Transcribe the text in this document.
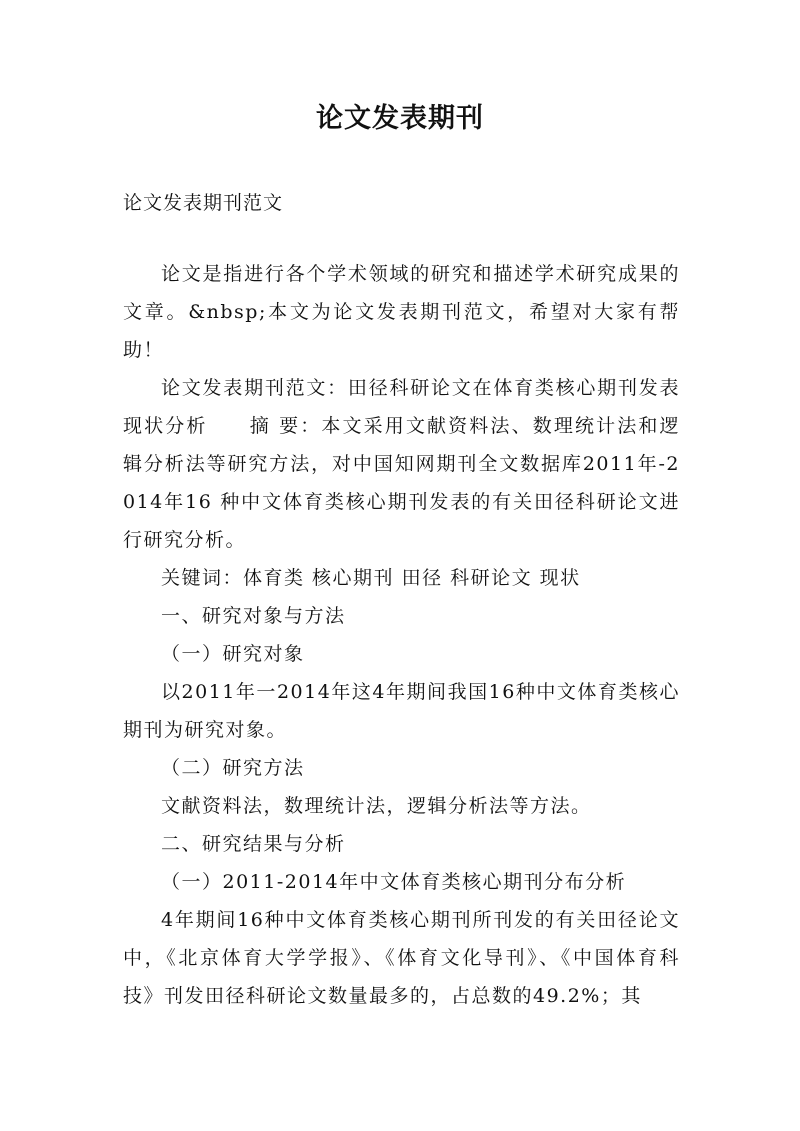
论文发表期刊
论文发表期刊范文

论文是指进行各个学术领域的研究和描述学术研究成果的文章。&nbsp;本文为论文发表期刊范文，希望对大家有帮助！

论文发表期刊范文：田径科研论文在体育类核心期刊发表现状分析　　摘 要：本文采用文献资料法、数理统计法和逻辑分析法等研究方法，对中国知网期刊全文数据库2011年-2014年16 种中文体育类核心期刊发表的有关田径科研论文进行研究分析。

关键词：体育类 核心期刊 田径 科研论文 现状

一、研究对象与方法

（一）研究对象

以2011年一2014年这4年期间我国16种中文体育类核心期刊为研究对象。

（二）研究方法

文献资料法，数理统计法，逻辑分析法等方法。

二、研究结果与分析

（一）2011-2014年中文体育类核心期刊分布分析

4年期间16种中文体育类核心期刊所刊发的有关田径论文中，《北京体育大学学报》、《体育文化导刊》、《中国体育科技》刊发田径科研论文数量最多的，占总数的49.2%；其
